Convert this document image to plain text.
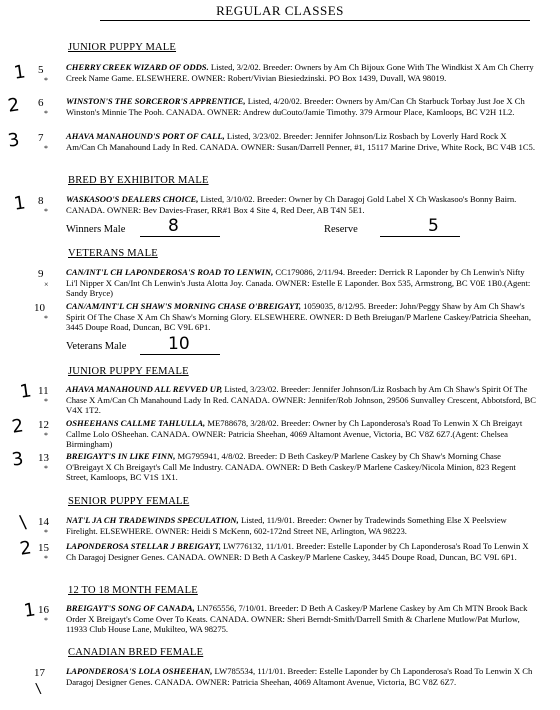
REGULAR CLASSES
JUNIOR PUPPY MALE
1 5
*
CHERRY CREEK WIZARD OF ODDS. Listed, 3/2/02. Breeder: Owners by Am Ch Bijoux Gone With The Windkist X Am Ch Cherry Creek Name Game. ELSEWHERE. OWNER: Robert/Vivian Biesiedzinski. PO Box 1439, Duvall, WA 98019.
2 6
*
WINSTON'S THE SORCEROR'S APPRENTICE, Listed, 4/20/02. Breeder: Owners by Am/Can Ch Starbuck Torbay Just Joe X Ch Winston's Minnie The Pooh. CANADA. OWNER: Andrew duCouto/Jamie Timothy. 379 Armour Place, Kamloops, BC V2H 1L2.
3 7
*
AHAVA MANAHOUND'S PORT OF CALL, Listed, 3/23/02. Breeder: Jennifer Johnson/Liz Rosbach by Loverly Hard Rock X Am/Can Ch Manahound Lady In Red. CANADA. OWNER: Susan/Darrell Penner, #1, 15117 Marine Drive, White Rock, BC V4B 1C5.
BRED BY EXHIBITOR MALE
1 8
*
WASKASOO'S DEALERS CHOICE, Listed, 3/10/02. Breeder: Owner by Ch Daragoj Gold Label X Ch Waskasoo's Bonny Bairn. CANADA. OWNER: Bev Davies-Fraser, RR#1 Box 4 Site 4, Red Deer, AB T4N 5E1.
Winners Male	8	Reserve	5
VETERANS MALE
9
×
CAN/INT'L CH LAPONDEROSA'S ROAD TO LENWIN, CC179086, 2/11/94. Breeder: Derrick R Laponder by Ch Lenwin's Nifty Li'l Nipper X Can/Int Ch Lenwin's Justa Alotta Joy. Canada. OWNER: Estelle E Laponder. Box 535, Armstrong, BC V0E 1B0.(Agent: Sandy Bryce)
10
*
CAN/AM/INT'L CH SHAW'S MORNING CHASE O'BREIGAYT, 1059035, 8/12/95. Breeder: John/Peggy Shaw by Am Ch Shaw's Spirit Of The Chase X Am Ch Shaw's Morning Glory. ELSEWHERE. OWNER: D Beth Breiugan/P Marlene Caskey/Patricia Sheehan, 3445 Doupe Road, Duncan, BC V9L 6P1.
Veterans Male 10
JUNIOR PUPPY FEMALE
1 11
*
AHAVA MANAHOUND ALL REVVED UP, Listed, 3/23/02. Breeder: Jennifer Johnson/Liz Rosbach by Am Ch Shaw's Spirit Of The Chase X Am/Can Ch Manahound Lady In Red. CANADA. OWNER: Jennifer/Rob Johnson, 29506 Sunvalley Crescent, Abbotsford, BC V4X 1T2.
2 12
*
OSHEEHANS CALLME TAHLULLA, ME788678, 3/28/02. Breeder: Owner by Ch Laponderosa's Road To Lenwin X Ch Breigayt Callme Lolo OSheehan. CANADA. OWNER: Patricia Sheehan, 4069 Altamont Avenue, Victoria, BC V8Z 6Z7.(Agent: Chelsea Birmingham)
3 13
*
BREIGAYT'S IN LIKE FINN, MG795941, 4/8/02. Breeder: D Beth Caskey/P Marlene Caskey by Ch Shaw's Morning Chase O'Breigayt X Ch Breigayt's Call Me Industry. CANADA. OWNER: D Beth Caskey/P Marlene Caskey/Nicola Minion, 823 Regent Street, Kamloops, BC V1S 1X1.
SENIOR PUPPY FEMALE
\ 14
*
NAT'L JA CH TRADEWINDS SPECULATION, Listed, 11/9/01. Breeder: Owner by Tradewinds Something Else X Peelsview Firelight. ELSEWHERE. OWNER: Heidi S McKenn, 602-172nd Street NE, Arlington, WA 98223.
2 15
*
LAPONDEROSA STELLAR J BREIGAYT, LW776132, 11/1/01. Breeder: Estelle Laponder by Ch Laponderosa's Road To Lenwin X Ch Daragoj Designer Genes. CANADA. OWNER: D Beth A Caskey/P Marlene Caskey, 3445 Doupe Road, Duncan, BC V9L 6P1.
12 TO 18 MONTH FEMALE
1 16
*
BREIGAYT'S SONG OF CANADA, LN765556, 7/10/01. Breeder: D Beth A Caskey/P Marlene Caskey by Am Ch MTN Brook Back Order X Breigayt's Come Over To Keats. CANADA. OWNER: Sheri Berndt-Smith/Darrell Smith & Charlene Mutlow/Pat Murlow, 11933 Club House Lane, Mukilteo, WA 98275.
CANADIAN BRED FEMALE
17
\
LAPONDEROSA'S LOLA OSHEEHAN, LW785534, 11/1/01. Breeder: Estelle Laponder by Ch Laponderosa's Road To Lenwin X Ch Daragoj Designer Genes. CANADA. OWNER: Patricia Sheehan, 4069 Altamont Avenue, Victoria, BC V8Z 6Z7.
